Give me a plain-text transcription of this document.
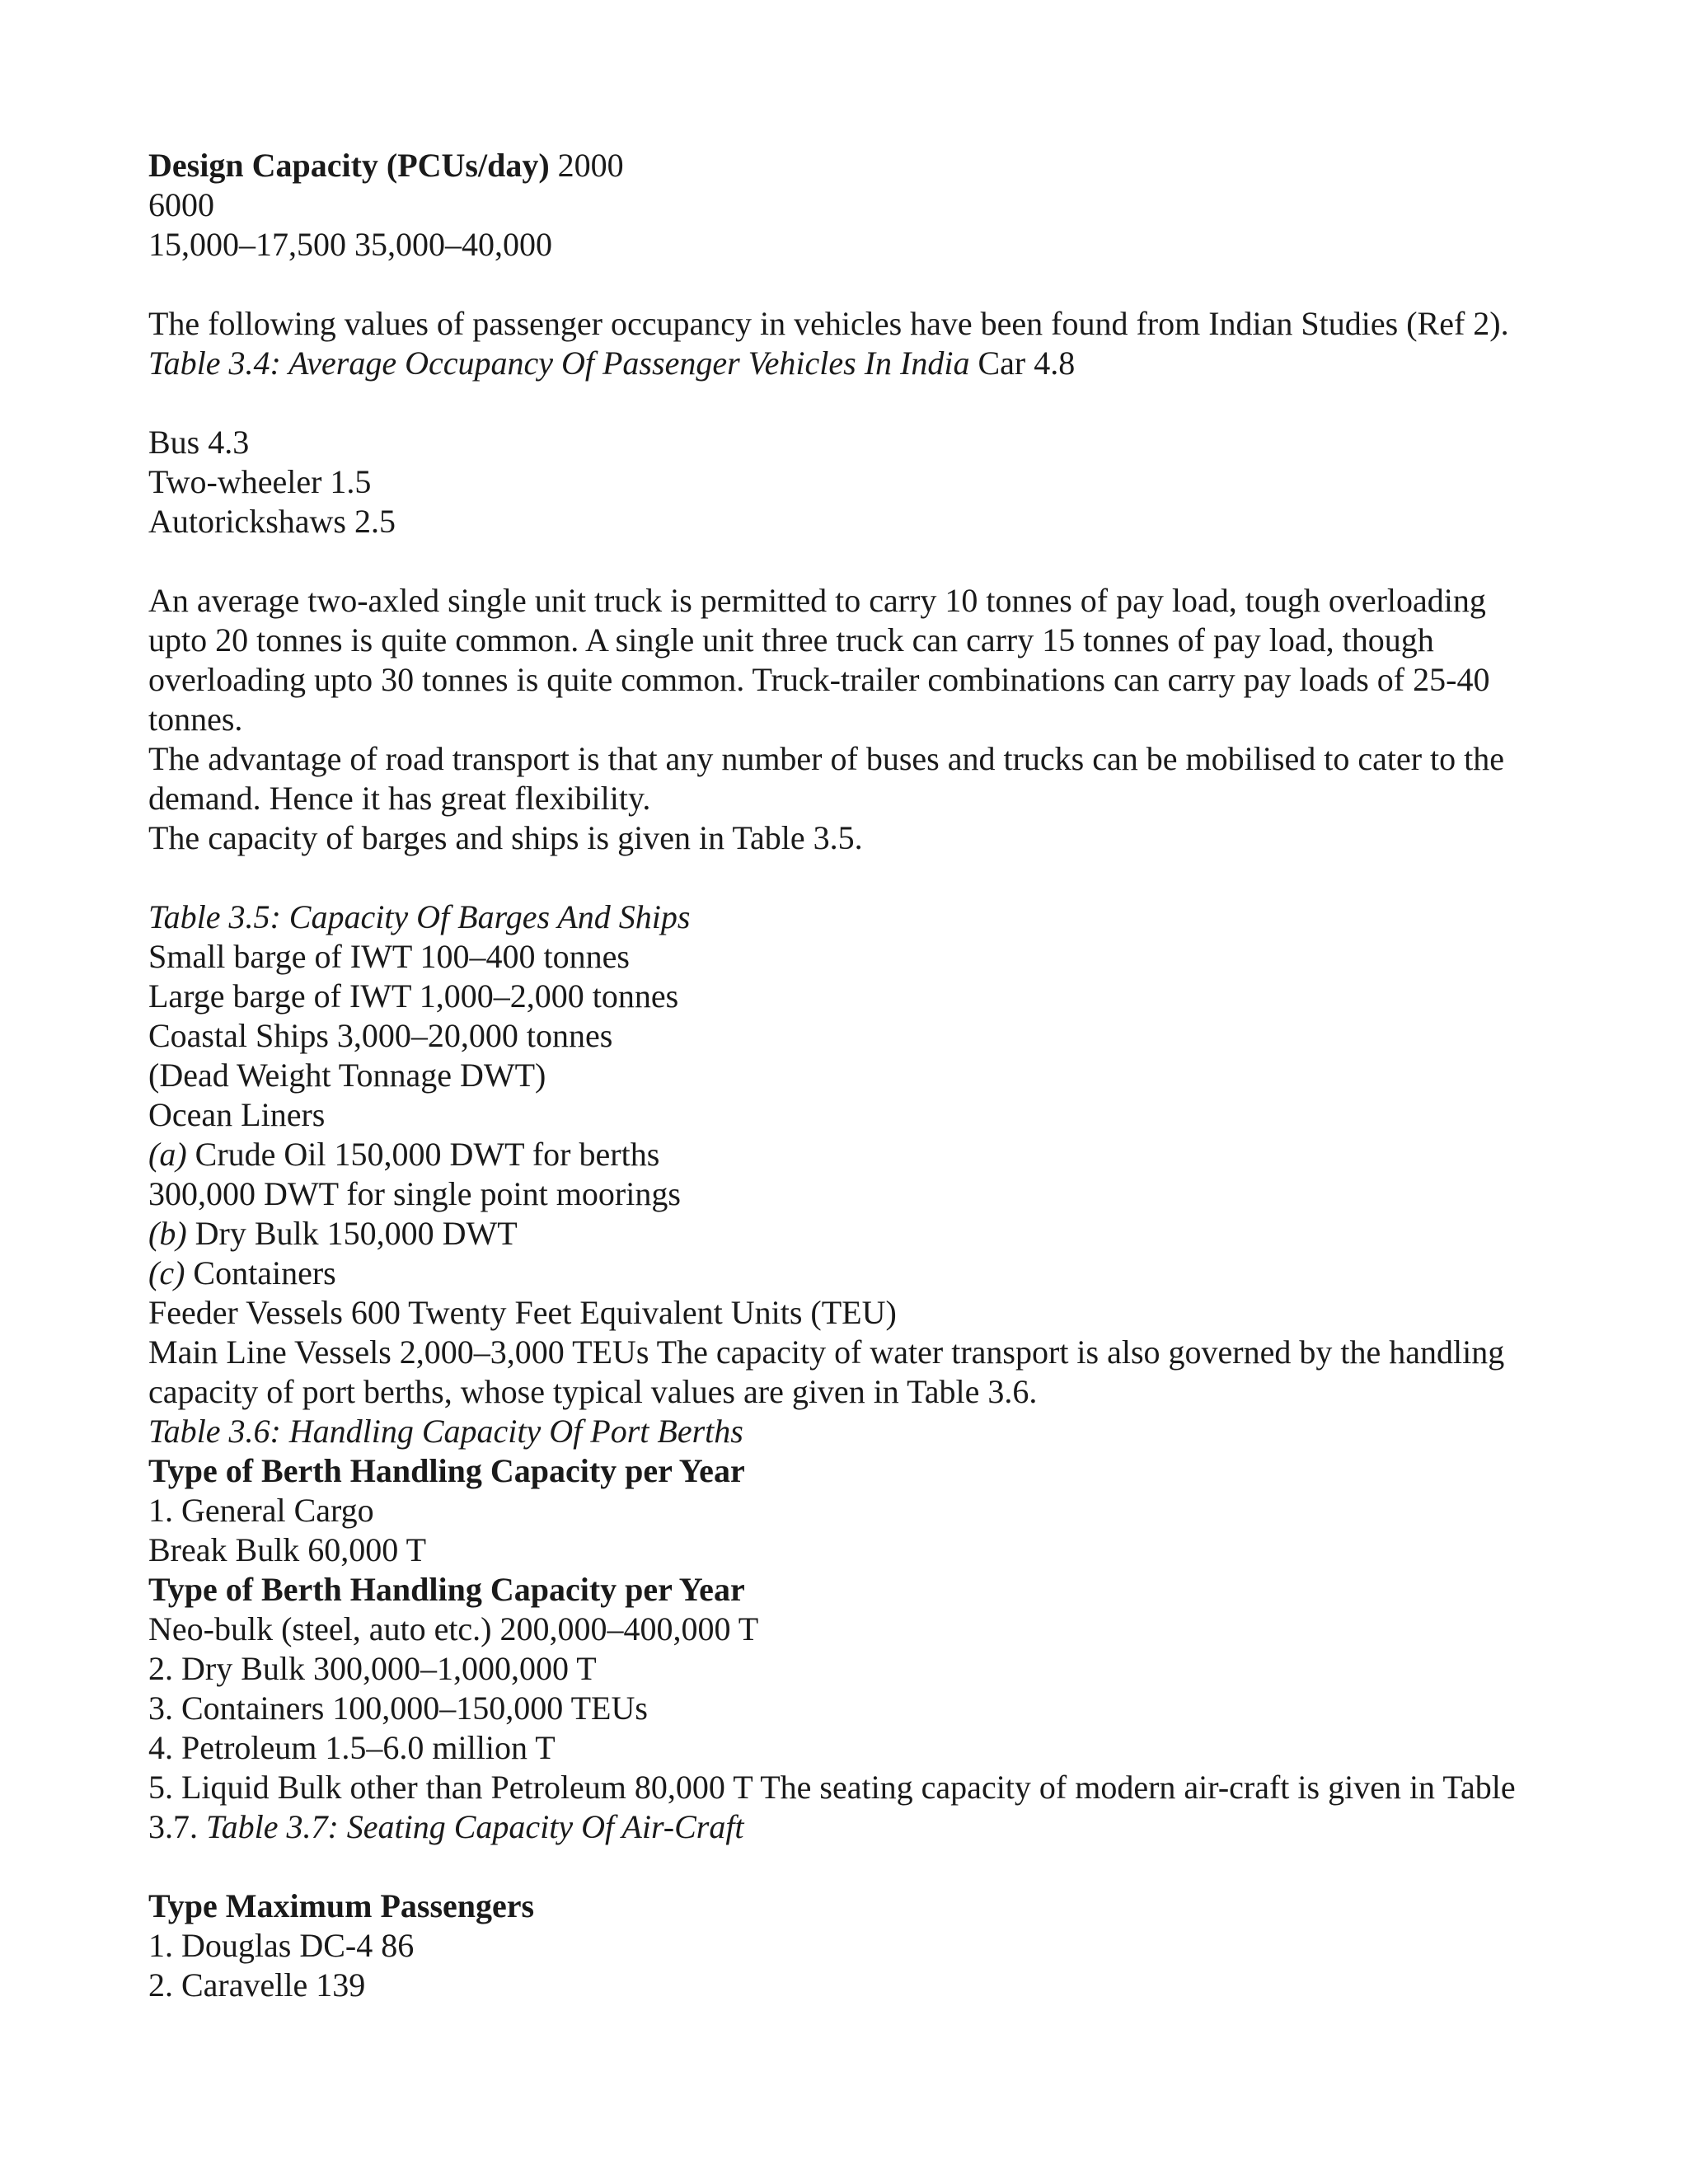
Design Capacity (PCUs/day) 2000

6000

15,000–17,500 35,000–40,000

The following values of passenger occupancy in vehicles have been found from Indian Studies (Ref 2).

Table 3.4: Average Occupancy Of Passenger Vehicles In India Car 4.8

Bus 4.3

Two-wheeler 1.5

Autorickshaws 2.5

An average two-axled single unit truck is permitted to carry 10 tonnes of pay load, tough overloading

upto 20 tonnes is quite common. A single unit three truck can carry 15 tonnes of pay load, though

overloading upto 30 tonnes is quite common. Truck-trailer combinations can carry pay loads of 25-40

tonnes.

The advantage of road transport is that any number of buses and trucks can be mobilised to cater to the

demand. Hence it has great flexibility.

The capacity of barges and ships is given in Table 3.5.

Table 3.5: Capacity Of Barges And Ships

Small barge of IWT 100–400 tonnes

Large barge of IWT 1,000–2,000 tonnes

Coastal Ships 3,000–20,000 tonnes

(Dead Weight Tonnage DWT)

Ocean Liners

(a) Crude Oil 150,000 DWT for berths

300,000 DWT for single point moorings

(b) Dry Bulk 150,000 DWT

(c) Containers

Feeder Vessels 600 Twenty Feet Equivalent Units (TEU)

Main Line Vessels 2,000–3,000 TEUs The capacity of water transport is also governed by the handling

capacity of port berths, whose typical values are given in Table 3.6.

Table 3.6: Handling Capacity Of Port Berths

Type of Berth Handling Capacity per Year

1. General Cargo

Break Bulk 60,000 T

Type of Berth Handling Capacity per Year

Neo-bulk (steel, auto etc.) 200,000–400,000 T

2. Dry Bulk 300,000–1,000,000 T

3. Containers 100,000–150,000 TEUs

4. Petroleum 1.5–6.0 million T

5. Liquid Bulk other than Petroleum 80,000 T The seating capacity of modern air-craft is given in Table

3.7. Table 3.7: Seating Capacity Of Air-Craft

Type Maximum Passengers

1. Douglas DC-4 86

2. Caravelle 139
